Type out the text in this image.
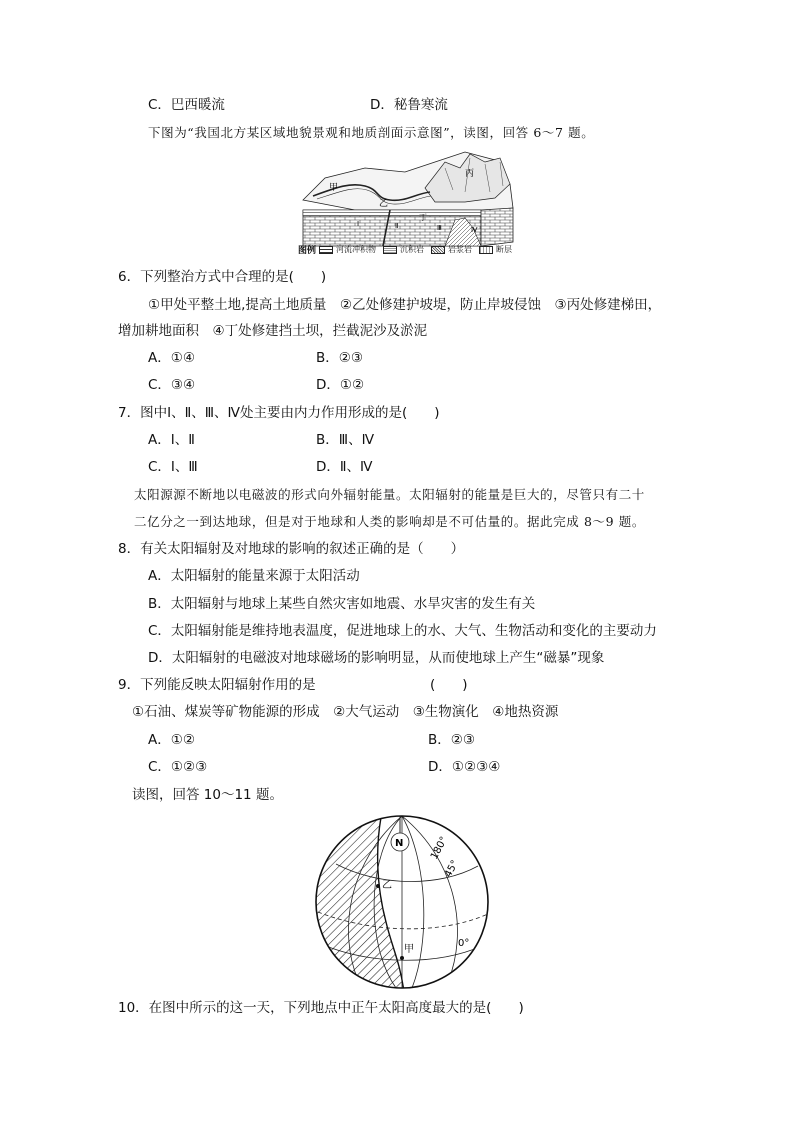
C．巴西暖流	D．秘鲁寒流
下图为“我国北方某区域地貌景观和地质剖面示意图”，读图，回答 6～7 题。
甲
乙
丙
丁
Ⅰ	Ⅱ	Ⅲ	Ⅳ
图例	河流冲积物	沉积岩	岩浆岩	断层
6．下列整治方式中合理的是(　　)
①甲处平整土地,提高土地质量　②乙处修建护坡堤，防止岸坡侵蚀　③丙处修建梯田，
增加耕地面积　④丁处修建挡土坝，拦截泥沙及淤泥
A．①④	B．②③
C．③④	D．①②
7．图中Ⅰ、Ⅱ、Ⅲ、Ⅳ处主要由内力作用形成的是(　　)
A．Ⅰ、Ⅱ	B．Ⅲ、Ⅳ
C．Ⅰ、Ⅲ	D．Ⅱ、Ⅳ
太阳源源不断地以电磁波的形式向外辐射能量。太阳辐射的能量是巨大的，尽管只有二十
二亿分之一到达地球，但是对于地球和人类的影响却是不可估量的。据此完成 8～9 题。
8．有关太阳辐射及对地球的影响的叙述正确的是（　　）
A．太阳辐射的能量来源于太阳活动
B．太阳辐射与地球上某些自然灾害如地震、水旱灾害的发生有关
C．太阳辐射能是维持地表温度，促进地球上的水、大气、生物活动和变化的主要动力
D．太阳辐射的电磁波对地球磁场的影响明显，从而使地球上产生“磁暴”现象
9．下列能反映太阳辐射作用的是	(　　)
①石油、煤炭等矿物能源的形成　②大气运动　③生物演化　④地热资源
A．①②	B．②③
C．①②③	D．①②③④
读图，回答 10～11 题。
N	180°
45°
0°
乙
甲
10．在图中所示的这一天，下列地点中正午太阳高度最大的是(　　)
